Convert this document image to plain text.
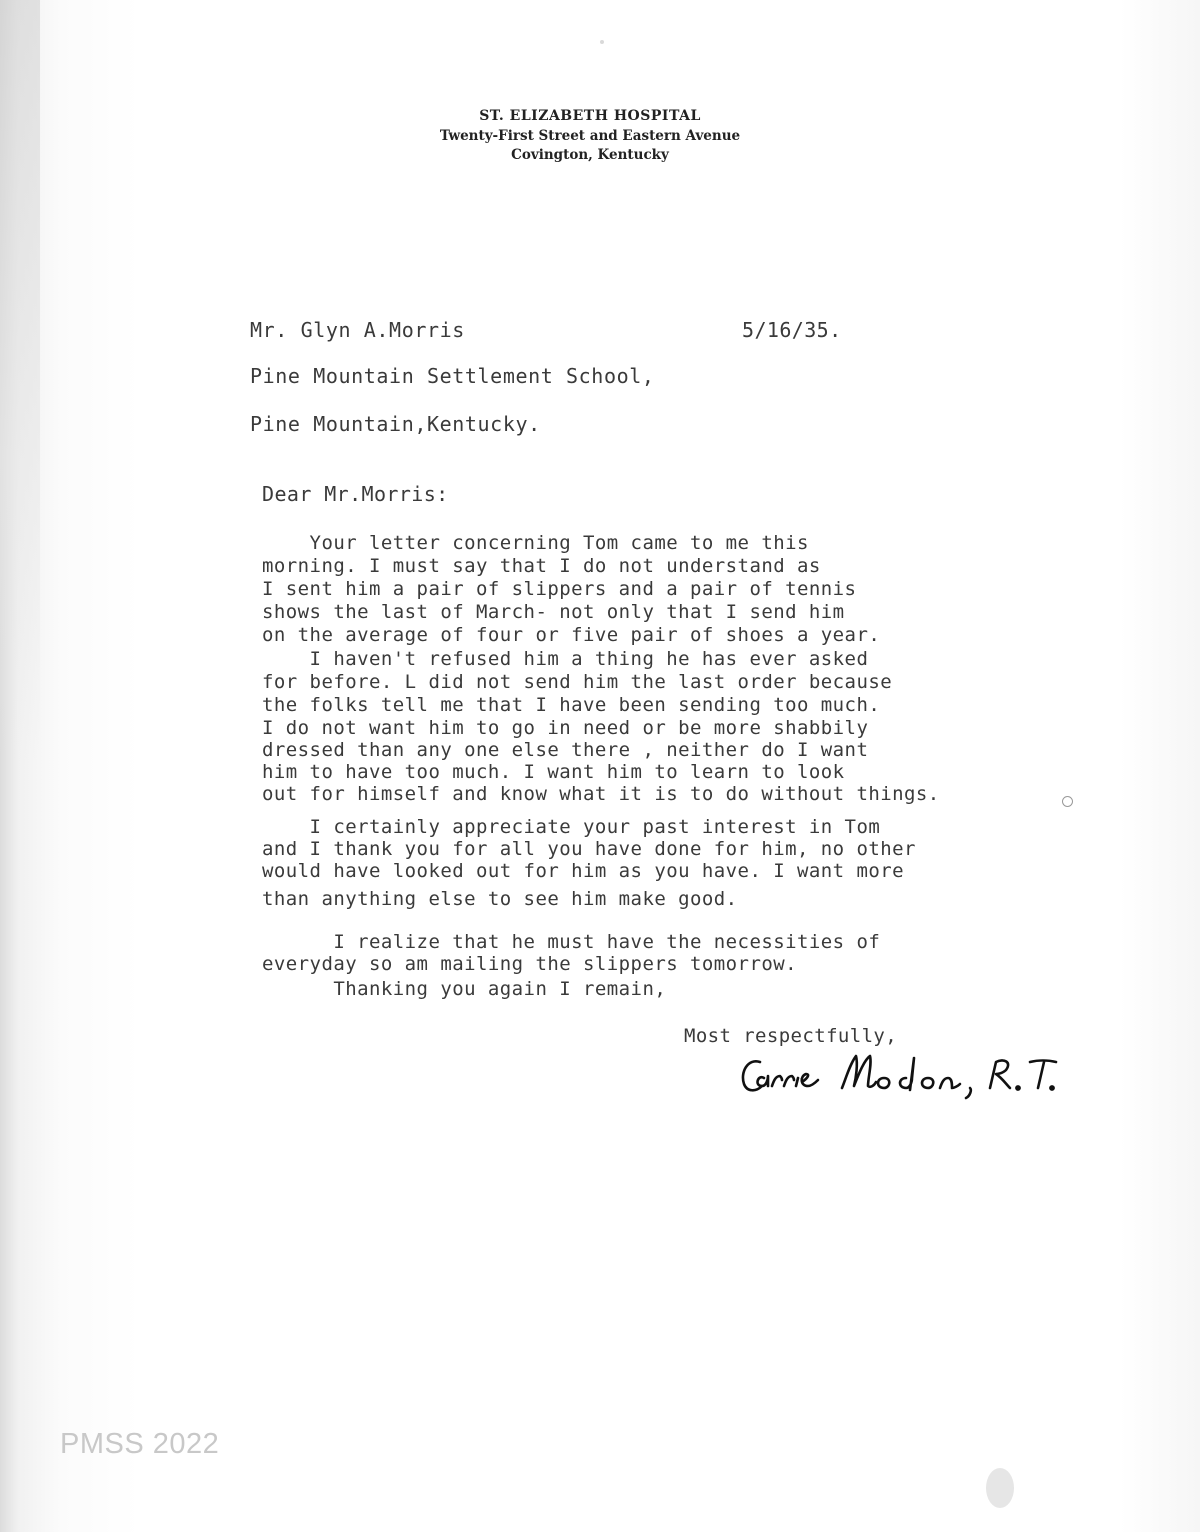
ST. ELIZABETH HOSPITAL
Twenty-First Street and Eastern Avenue
Covington, Kentucky
Mr. Glyn A.Morris	5/16/35.
Pine Mountain Settlement School,
Pine Mountain,Kentucky.
Dear Mr.Morris:
Your letter concerning Tom came to me this
morning. I must say that I do not understand as
I sent him a pair of slippers and a pair of tennis
shows the last of March- not only that I send him
on the average of four or five pair of shoes a year.
I haven't refused him a thing he has ever asked
for before. L did not send him the last order because
the folks tell me that I have been sending too much.
I do not want him to go in need or be more shabbily
dressed than any one else there , neither do I want
him to have too much. I want him to learn to look
out for himself and know what it is to do without things.
I certainly appreciate your past interest in Tom
and I thank you for all you have done for him, no other
would have looked out for him as you have. I want more
than anything else to see him make good.
I realize that he must have the necessities of
everyday so am mailing the slippers tomorrow.
Thanking you again I remain,
Most respectfully,
PMSS 2022
